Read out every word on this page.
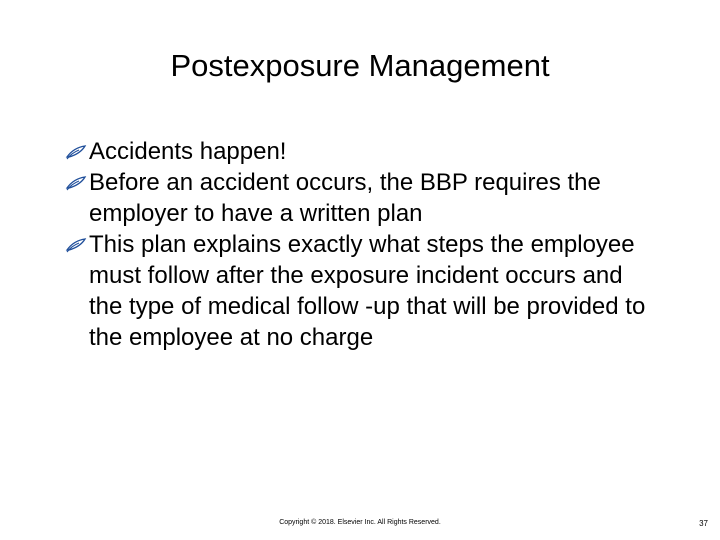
Postexposure Management
Accidents happen!
Before an accident occurs, the BBP requires the employer to have a written plan
This plan explains exactly what steps the employee must follow after the exposure incident occurs and the type of medical follow -up that will be provided to the employee at no charge
Copyright © 2018. Elsevier Inc. All Rights Reserved.	37
